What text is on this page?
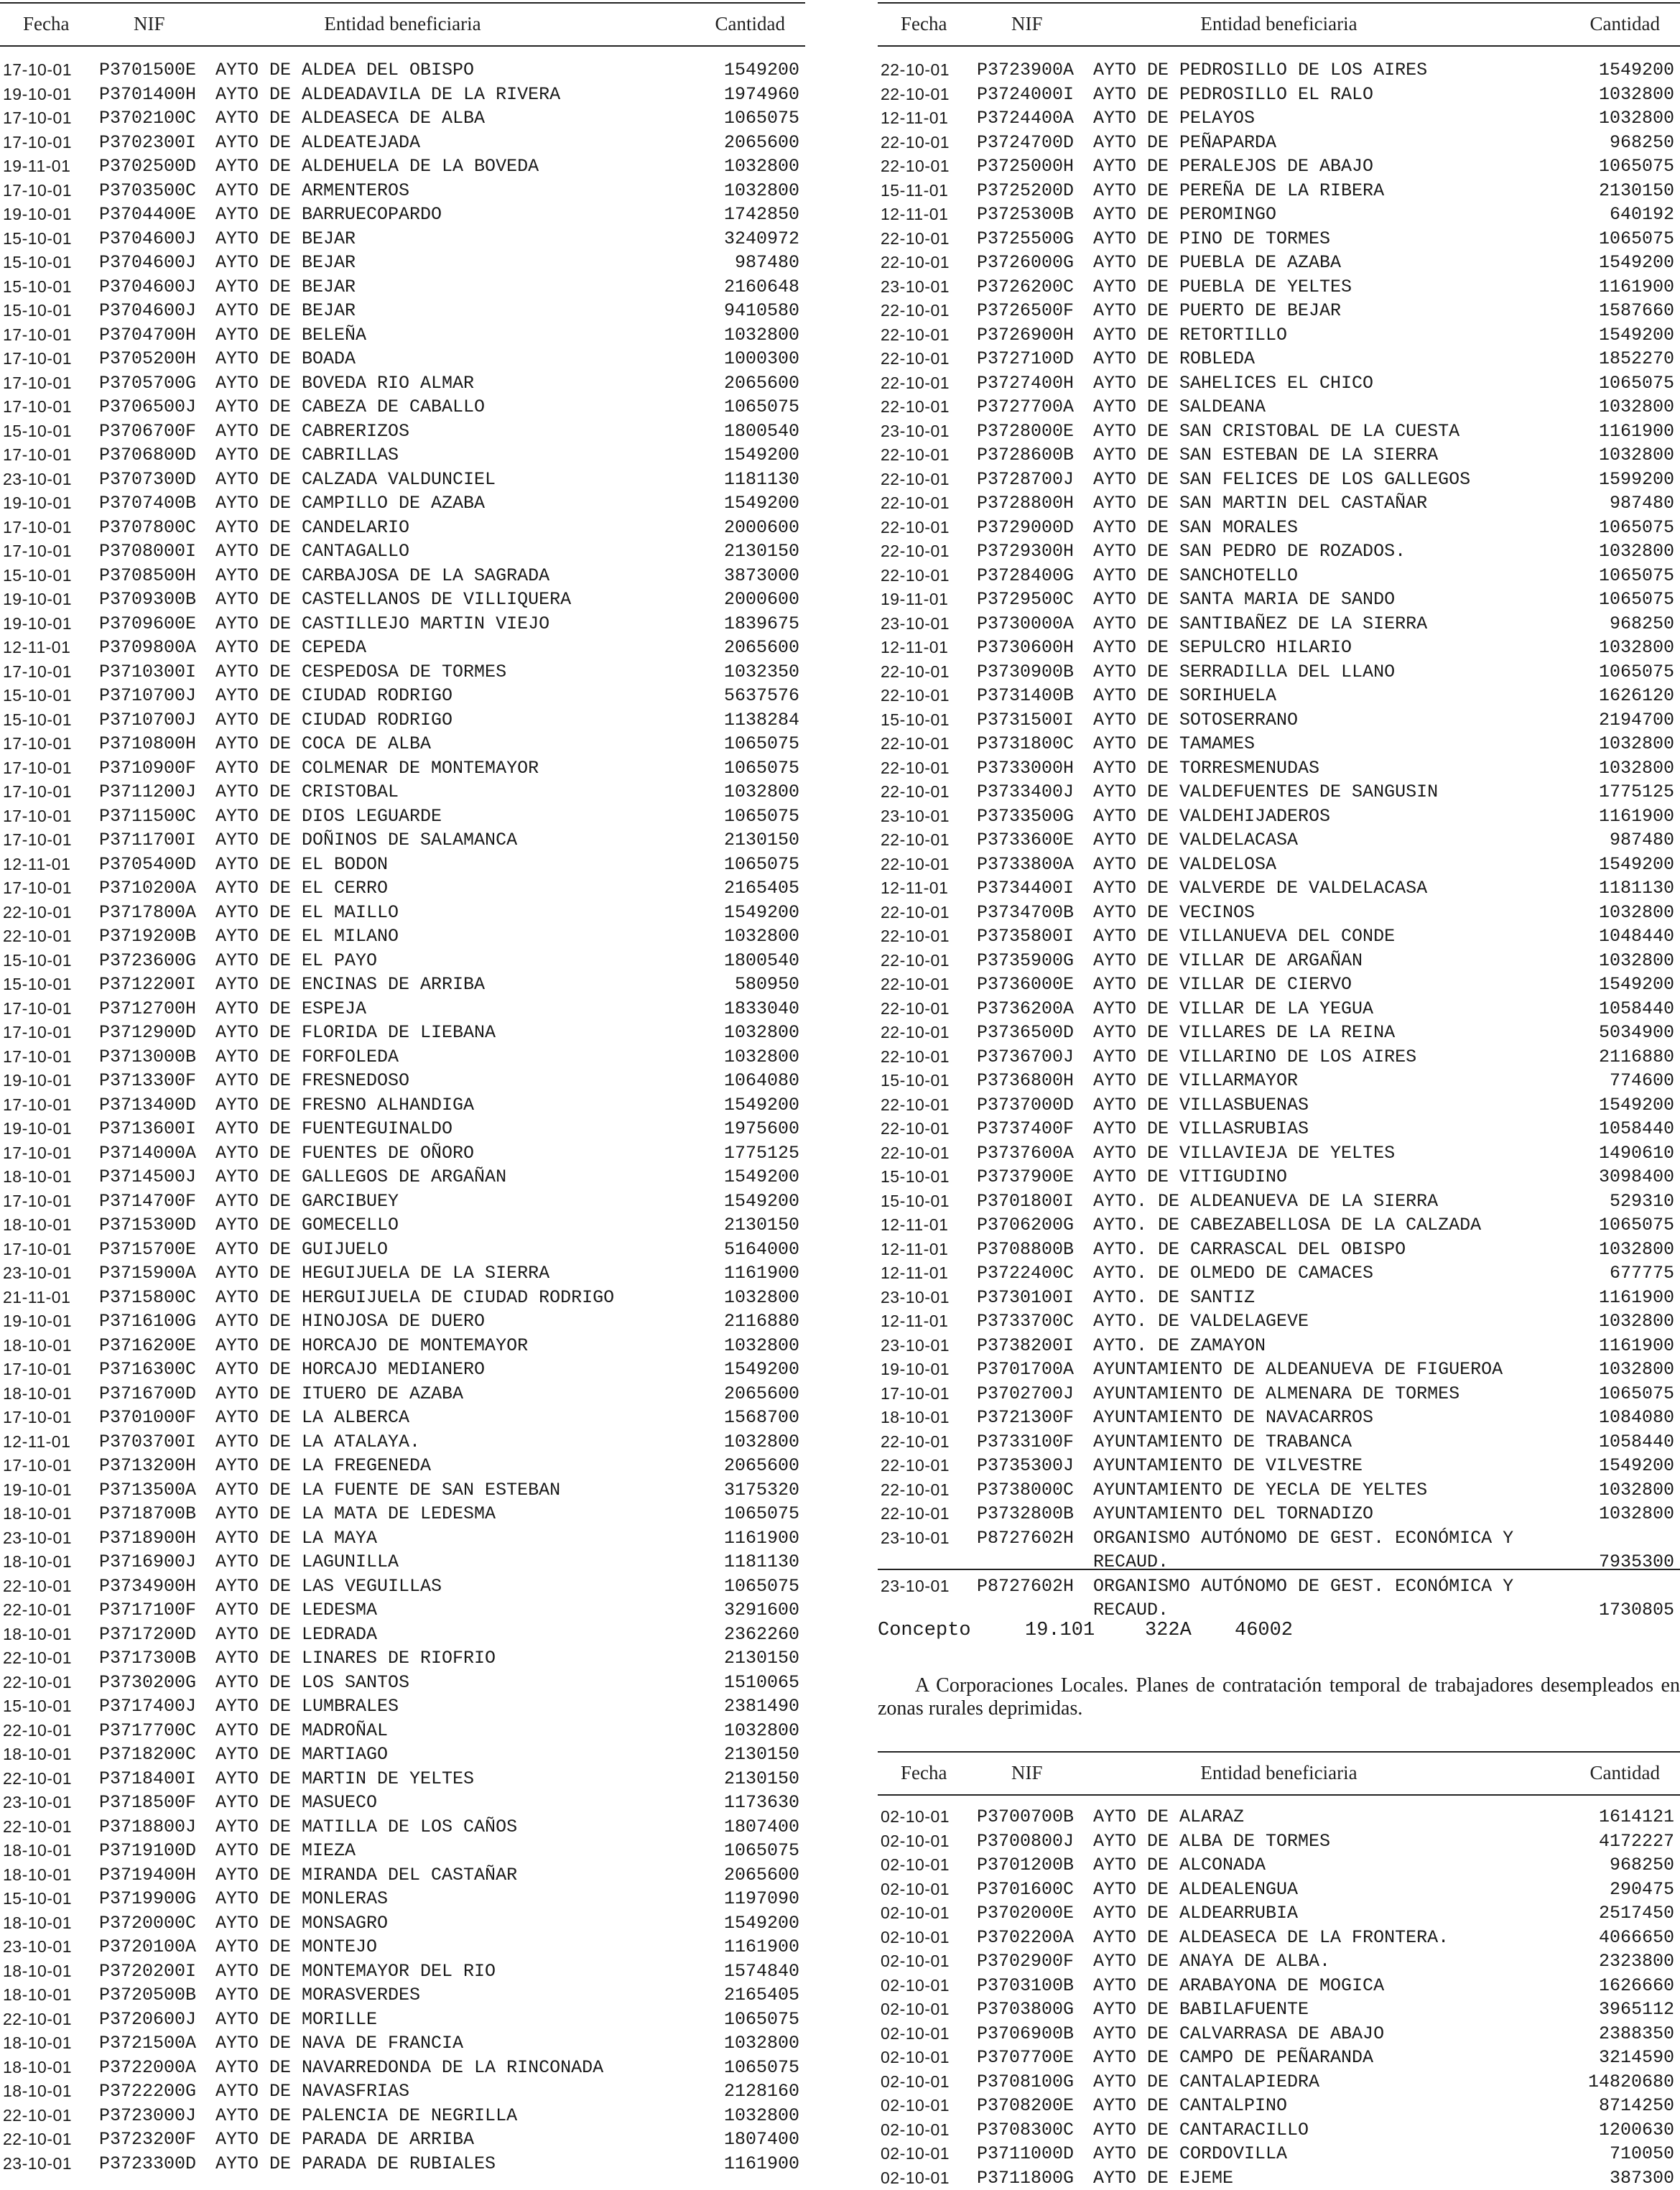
Fecha	NIF	Entidad beneficiaria	Cantidad
17-10-01 P3701500E AYTO DE ALDEA DEL OBISPO	1549200
19-10-01 P3701400H AYTO DE ALDEADAVILA DE LA RIVERA	1974960
17-10-01 P3702100C AYTO DE ALDEASECA DE ALBA	1065075
17-10-01 P3702300I AYTO DE ALDEATEJADA	2065600
19-11-01 P3702500D AYTO DE ALDEHUELA DE LA BOVEDA	1032800
17-10-01 P3703500C AYTO DE ARMENTEROS	1032800
19-10-01 P3704400E AYTO DE BARRUECOPARDO	1742850
15-10-01 P3704600J AYTO DE BEJAR	3240972
15-10-01 P3704600J AYTO DE BEJAR	987480
15-10-01 P3704600J AYTO DE BEJAR	2160648
15-10-01 P3704600J AYTO DE BEJAR	9410580
17-10-01 P3704700H AYTO DE BELEÑA	1032800
17-10-01 P3705200H AYTO DE BOADA	1000300
17-10-01 P3705700G AYTO DE BOVEDA RIO ALMAR	2065600
17-10-01 P3706500J AYTO DE CABEZA DE CABALLO	1065075
15-10-01 P3706700F AYTO DE CABRERIZOS	1800540
17-10-01 P3706800D AYTO DE CABRILLAS	1549200
23-10-01 P3707300D AYTO DE CALZADA VALDUNCIEL	1181130
19-10-01 P3707400B AYTO DE CAMPILLO DE AZABA	1549200
17-10-01 P3707800C AYTO DE CANDELARIO	2000600
17-10-01 P3708000I AYTO DE CANTAGALLO	2130150
15-10-01 P3708500H AYTO DE CARBAJOSA DE LA SAGRADA	3873000
19-10-01 P3709300B AYTO DE CASTELLANOS DE VILLIQUERA	2000600
19-10-01 P3709600E AYTO DE CASTILLEJO MARTIN VIEJO	1839675
12-11-01 P3709800A AYTO DE CEPEDA	2065600
17-10-01 P3710300I AYTO DE CESPEDOSA DE TORMES	1032350
15-10-01 P3710700J AYTO DE CIUDAD RODRIGO	5637576
15-10-01 P3710700J AYTO DE CIUDAD RODRIGO	1138284
17-10-01 P3710800H AYTO DE COCA DE ALBA	1065075
17-10-01 P3710900F AYTO DE COLMENAR DE MONTEMAYOR	1065075
17-10-01 P3711200J AYTO DE CRISTOBAL	1032800
17-10-01 P3711500C AYTO DE DIOS LEGUARDE	1065075
17-10-01 P3711700I AYTO DE DOÑINOS DE SALAMANCA	2130150
12-11-01 P3705400D AYTO DE EL BODON	1065075
17-10-01 P3710200A AYTO DE EL CERRO	2165405
22-10-01 P3717800A AYTO DE EL MAILLO	1549200
22-10-01 P3719200B AYTO DE EL MILANO	1032800
15-10-01 P3723600G AYTO DE EL PAYO	1800540
15-10-01 P3712200I AYTO DE ENCINAS DE ARRIBA	580950
17-10-01 P3712700H AYTO DE ESPEJA	1833040
17-10-01 P3712900D AYTO DE FLORIDA DE LIEBANA	1032800
17-10-01 P3713000B AYTO DE FORFOLEDA	1032800
19-10-01 P3713300F AYTO DE FRESNEDOSO	1064080
17-10-01 P3713400D AYTO DE FRESNO ALHANDIGA	1549200
19-10-01 P3713600I AYTO DE FUENTEGUINALDO	1975600
17-10-01 P3714000A AYTO DE FUENTES DE OÑORO	1775125
18-10-01 P3714500J AYTO DE GALLEGOS DE ARGAÑAN	1549200
17-10-01 P3714700F AYTO DE GARCIBUEY	1549200
18-10-01 P3715300D AYTO DE GOMECELLO	2130150
17-10-01 P3715700E AYTO DE GUIJUELO	5164000
23-10-01 P3715900A AYTO DE HEGUIJUELA DE LA SIERRA	1161900
21-11-01 P3715800C AYTO DE HERGUIJUELA DE CIUDAD RODRIGO	1032800
19-10-01 P3716100G AYTO DE HINOJOSA DE DUERO	2116880
18-10-01 P3716200E AYTO DE HORCAJO DE MONTEMAYOR	1032800
17-10-01 P3716300C AYTO DE HORCAJO MEDIANERO	1549200
18-10-01 P3716700D AYTO DE ITUERO DE AZABA	2065600
17-10-01 P3701000F AYTO DE LA ALBERCA	1568700
12-11-01 P3703700I AYTO DE LA ATALAYA.	1032800
17-10-01 P3713200H AYTO DE LA FREGENEDA	2065600
19-10-01 P3713500A AYTO DE LA FUENTE DE SAN ESTEBAN	3175320
18-10-01 P3718700B AYTO DE LA MATA DE LEDESMA	1065075
23-10-01 P3718900H AYTO DE LA MAYA	1161900
18-10-01 P3716900J AYTO DE LAGUNILLA	1181130
22-10-01 P3734900H AYTO DE LAS VEGUILLAS	1065075
22-10-01 P3717100F AYTO DE LEDESMA	3291600
18-10-01 P3717200D AYTO DE LEDRADA	2362260
22-10-01 P3717300B AYTO DE LINARES DE RIOFRIO	2130150
22-10-01 P3730200G AYTO DE LOS SANTOS	1510065
15-10-01 P3717400J AYTO DE LUMBRALES	2381490
22-10-01 P3717700C AYTO DE MADROÑAL	1032800
18-10-01 P3718200C AYTO DE MARTIAGO	2130150
22-10-01 P3718400I AYTO DE MARTIN DE YELTES	2130150
23-10-01 P3718500F AYTO DE MASUECO	1173630
22-10-01 P3718800J AYTO DE MATILLA DE LOS CAÑOS	1807400
18-10-01 P3719100D AYTO DE MIEZA	1065075
18-10-01 P3719400H AYTO DE MIRANDA DEL CASTAÑAR	2065600
15-10-01 P3719900G AYTO DE MONLERAS	1197090
18-10-01 P3720000C AYTO DE MONSAGRO	1549200
23-10-01 P3720100A AYTO DE MONTEJO	1161900
18-10-01 P3720200I AYTO DE MONTEMAYOR DEL RIO	1574840
18-10-01 P3720500B AYTO DE MORASVERDES	2165405
22-10-01 P3720600J AYTO DE MORILLE	1065075
18-10-01 P3721500A AYTO DE NAVA DE FRANCIA	1032800
18-10-01 P3722000A AYTO DE NAVARREDONDA DE LA RINCONADA	1065075
18-10-01 P3722200G AYTO DE NAVASFRIAS	2128160
22-10-01 P3723000J AYTO DE PALENCIA DE NEGRILLA	1032800
22-10-01 P3723200F AYTO DE PARADA DE ARRIBA	1807400
23-10-01 P3723300D AYTO DE PARADA DE RUBIALES	1161900
Fecha	NIF	Entidad beneficiaria	Cantidad
22-10-01 P3723900A AYTO DE PEDROSILLO DE LOS AIRES	1549200
22-10-01 P3724000I AYTO DE PEDROSILLO EL RALO	1032800
12-11-01 P3724400A AYTO DE PELAYOS	1032800
22-10-01 P3724700D AYTO DE PEÑAPARDA	968250
22-10-01 P3725000H AYTO DE PERALEJOS DE ABAJO	1065075
15-11-01 P3725200D AYTO DE PEREÑA DE LA RIBERA	2130150
12-11-01 P3725300B AYTO DE PEROMINGO	640192
22-10-01 P3725500G AYTO DE PINO DE TORMES	1065075
22-10-01 P3726000G AYTO DE PUEBLA DE AZABA	1549200
23-10-01 P3726200C AYTO DE PUEBLA DE YELTES	1161900
22-10-01 P3726500F AYTO DE PUERTO DE BEJAR	1587660
22-10-01 P3726900H AYTO DE RETORTILLO	1549200
22-10-01 P3727100D AYTO DE ROBLEDA	1852270
22-10-01 P3727400H AYTO DE SAHELICES EL CHICO	1065075
22-10-01 P3727700A AYTO DE SALDEANA	1032800
23-10-01 P3728000E AYTO DE SAN CRISTOBAL DE LA CUESTA	1161900
22-10-01 P3728600B AYTO DE SAN ESTEBAN DE LA SIERRA	1032800
22-10-01 P3728700J AYTO DE SAN FELICES DE LOS GALLEGOS	1599200
22-10-01 P3728800H AYTO DE SAN MARTIN DEL CASTAÑAR	987480
22-10-01 P3729000D AYTO DE SAN MORALES	1065075
22-10-01 P3729300H AYTO DE SAN PEDRO DE ROZADOS.	1032800
22-10-01 P3728400G AYTO DE SANCHOTELLO	1065075
19-11-01 P3729500C AYTO DE SANTA MARIA DE SANDO	1065075
23-10-01 P3730000A AYTO DE SANTIBAÑEZ DE LA SIERRA	968250
12-11-01 P3730600H AYTO DE SEPULCRO HILARIO	1032800
22-10-01 P3730900B AYTO DE SERRADILLA DEL LLANO	1065075
22-10-01 P3731400B AYTO DE SORIHUELA	1626120
15-10-01 P3731500I AYTO DE SOTOSERRANO	2194700
22-10-01 P3731800C AYTO DE TAMAMES	1032800
22-10-01 P3733000H AYTO DE TORRESMENUDAS	1032800
22-10-01 P3733400J AYTO DE VALDEFUENTES DE SANGUSIN	1775125
23-10-01 P3733500G AYTO DE VALDEHIJADEROS	1161900
22-10-01 P3733600E AYTO DE VALDELACASA	987480
22-10-01 P3733800A AYTO DE VALDELOSA	1549200
12-11-01 P3734400I AYTO DE VALVERDE DE VALDELACASA	1181130
22-10-01 P3734700B AYTO DE VECINOS	1032800
22-10-01 P3735800I AYTO DE VILLANUEVA DEL CONDE	1048440
22-10-01 P3735900G AYTO DE VILLAR DE ARGAÑAN	1032800
22-10-01 P3736000E AYTO DE VILLAR DE CIERVO	1549200
22-10-01 P3736200A AYTO DE VILLAR DE LA YEGUA	1058440
22-10-01 P3736500D AYTO DE VILLARES DE LA REINA	5034900
22-10-01 P3736700J AYTO DE VILLARINO DE LOS AIRES	2116880
15-10-01 P3736800H AYTO DE VILLARMAYOR	774600
22-10-01 P3737000D AYTO DE VILLASBUENAS	1549200
22-10-01 P3737400F AYTO DE VILLASRUBIAS	1058440
22-10-01 P3737600A AYTO DE VILLAVIEJA DE YELTES	1490610
15-10-01 P3737900E AYTO DE VITIGUDINO	3098400
15-10-01 P3701800I AYTO. DE ALDEANUEVA DE LA SIERRA	529310
12-11-01 P3706200G AYTO. DE CABEZABELLOSA DE LA CALZADA	1065075
12-11-01 P3708800B AYTO. DE CARRASCAL DEL OBISPO	1032800
12-11-01 P3722400C AYTO. DE OLMEDO DE CAMACES	677775
23-10-01 P3730100I AYTO. DE SANTIZ	1161900
12-11-01 P3733700C AYTO. DE VALDELAGEVE	1032800
23-10-01 P3738200I AYTO. DE ZAMAYON	1161900
19-10-01 P3701700A AYUNTAMIENTO DE ALDEANUEVA DE FIGUEROA	1032800
17-10-01 P3702700J AYUNTAMIENTO DE ALMENARA DE TORMES	1065075
18-10-01 P3721300F AYUNTAMIENTO DE NAVACARROS	1084080
22-10-01 P3733100F AYUNTAMIENTO DE TRABANCA	1058440
22-10-01 P3735300J AYUNTAMIENTO DE VILVESTRE	1549200
22-10-01 P3738000C AYUNTAMIENTO DE YECLA DE YELTES	1032800
22-10-01 P3732800B AYUNTAMIENTO DEL TORNADIZO	1032800
23-10-01 P8727602H ORGANISMO AUTÓNOMO DE GEST. ECONÓMICA Y RECAUD.	7935300
23-10-01 P8727602H ORGANISMO AUTÓNOMO DE GEST. ECONÓMICA Y RECAUD.	1730805
Concepto	19.101	322A 46002
A Corporaciones Locales. Planes de contratación temporal de trabajadores desempleados en zonas rurales deprimidas.
Fecha	NIF	Entidad beneficiaria	Cantidad
02-10-01 P3700700B AYTO DE ALARAZ	1614121
02-10-01 P3700800J AYTO DE ALBA DE TORMES	4172227
02-10-01 P3701200B AYTO DE ALCONADA	968250
02-10-01 P3701600C AYTO DE ALDEALENGUA	290475
02-10-01 P3702000E AYTO DE ALDEARRUBIA	2517450
02-10-01 P3702200A AYTO DE ALDEASECA DE LA FRONTERA.	4066650
02-10-01 P3702900F AYTO DE ANAYA DE ALBA.	2323800
02-10-01 P3703100B AYTO DE ARABAYONA DE MOGICA	1626660
02-10-01 P3703800G AYTO DE BABILAFUENTE	3965112
02-10-01 P3706900B AYTO DE CALVARRASA DE ABAJO	2388350
02-10-01 P3707700E AYTO DE CAMPO DE PEÑARANDA	3214590
02-10-01 P3708100G AYTO DE CANTALAPIEDRA	14820680
02-10-01 P3708200E AYTO DE CANTALPINO	8714250
02-10-01 P3708300C AYTO DE CANTARACILLO	1200630
02-10-01 P3711000D AYTO DE CORDOVILLA	710050
02-10-01 P3711800G AYTO DE EJEME	387300
